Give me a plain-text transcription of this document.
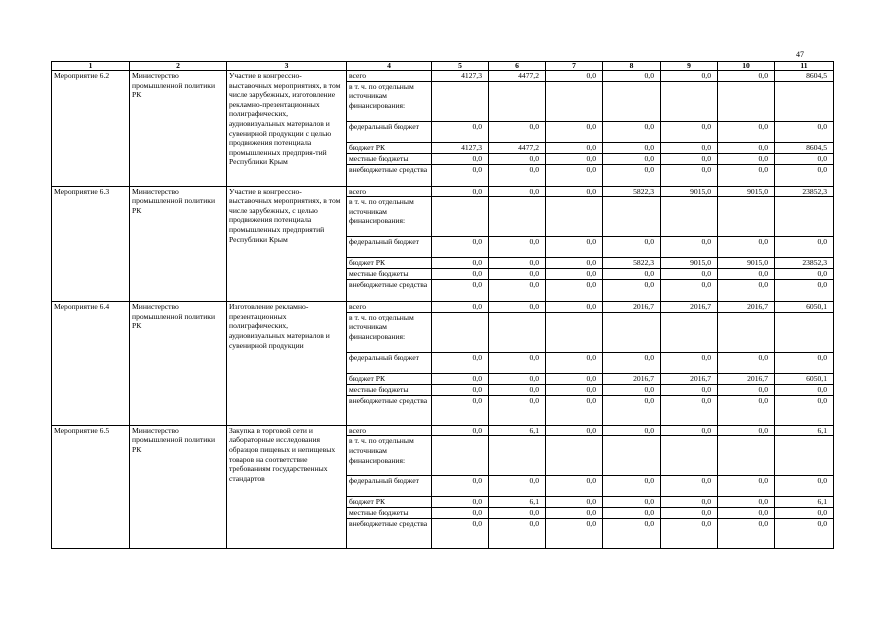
47
1	2	3	4	5	6	7	8	9	10	11
Мероприятие 6.2	Министерство промышленной политики РК	Участие в конгрессно-выставочных мероприятиях, в том числе зарубежных, изготовление рекламно-презентационных полиграфических, аудиовизуальных материалов и сувенирной продукции с целью продвижения потенциала промышленных предприя-тий Республики Крым	всего	4127,3	4477,2	0,0	0,0	0,0	0,0	8604,5
			в т. ч. по отдельным источникам финансирования:							
			федеральный бюджет	0,0	0,0	0,0	0,0	0,0	0,0	0,0
			бюджет РК	4127,3	4477,2	0,0	0,0	0,0	0,0	8604,5
			местные бюджеты	0,0	0,0	0,0	0,0	0,0	0,0	0,0
			внебюджетные средства	0,0	0,0	0,0	0,0	0,0	0,0	0,0
Мероприятие 6.3	Министерство промышленной политики РК	Участие в конгрессно-выставочных мероприятиях, в том числе зарубежных, с целью продвижения потенциала промышленных предприятий Республики Крым	всего	0,0	0,0	0,0	5822,3	9015,0	9015,0	23852,3
			в т. ч. по отдельным источникам финансирования:							
			федеральный бюджет	0,0	0,0	0,0	0,0	0,0	0,0	0,0
			бюджет РК	0,0	0,0	0,0	5822,3	9015,0	9015,0	23852,3
			местные бюджеты	0,0	0,0	0,0	0,0	0,0	0,0	0,0
			внебюджетные средства	0,0	0,0	0,0	0,0	0,0	0,0	0,0
Мероприятие 6.4	Министерство промышленной политики РК	Изготовление рекламно-презентационных полиграфических, аудиовизуальных материалов и сувенирной продукции	всего	0,0	0,0	0,0	2016,7	2016,7	2016,7	6050,1
			в т. ч. по отдельным источникам финансирования:							
			федеральный бюджет	0,0	0,0	0,0	0,0	0,0	0,0	0,0
			бюджет РК	0,0	0,0	0,0	2016,7	2016,7	2016,7	6050,1
			местные бюджеты	0,0	0,0	0,0	0,0	0,0	0,0	0,0
			внебюджетные средства	0,0	0,0	0,0	0,0	0,0	0,0	0,0
Мероприятие 6.5	Министерство промышленной политики РК	Закупка в торговой сети и лабораторные исследования образцов пищевых и непищевых товаров на соответствие требованиям государственных стандартов	всего	0,0	6,1	0,0	0,0	0,0	0,0	6,1
			в т. ч. по отдельным источникам финансирования:							
			федеральный бюджет	0,0	0,0	0,0	0,0	0,0	0,0	0,0
			бюджет РК	0,0	6,1	0,0	0,0	0,0	0,0	6,1
			местные бюджеты	0,0	0,0	0,0	0,0	0,0	0,0	0,0
			внебюджетные средства	0,0	0,0	0,0	0,0	0,0	0,0	0,0
